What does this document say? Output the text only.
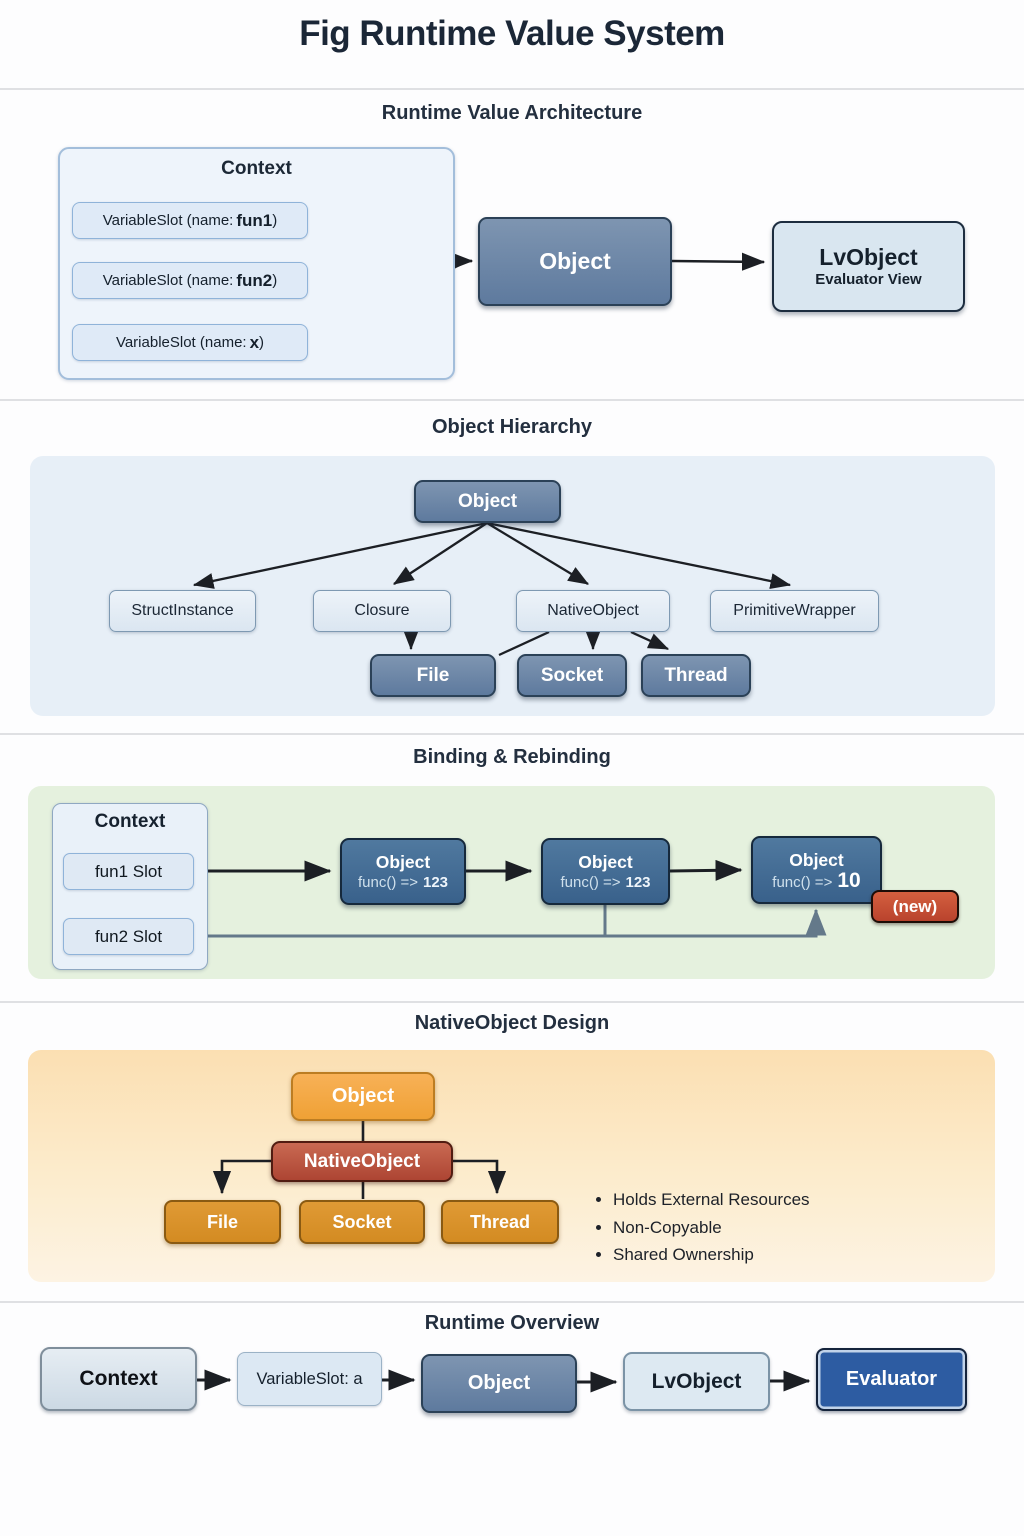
Fig Runtime Value System
Runtime Value Architecture
Object Hierarchy
Binding & Rebinding
NativeObject Design
Runtime Overview
Context
VariableSlot (name: fun1 )
VariableSlot (name: fun2 )
VariableSlot (name: x )
Object	LvObject
Evaluator View
Object
StructInstance	Closure	NativeObject	PrimitiveWrapper
File	Socket	Thread
Context
fun1 Slot
fun2 Slot
Object
func() => 123
Object
func() => 123
Object
func() => 10
(new)
Object
NativeObject
File	Socket	Thread
• Holds External Resources
• Non-Copyable
• Shared Ownership
Context	VariableSlot: a	Object	LvObject	Evaluator
